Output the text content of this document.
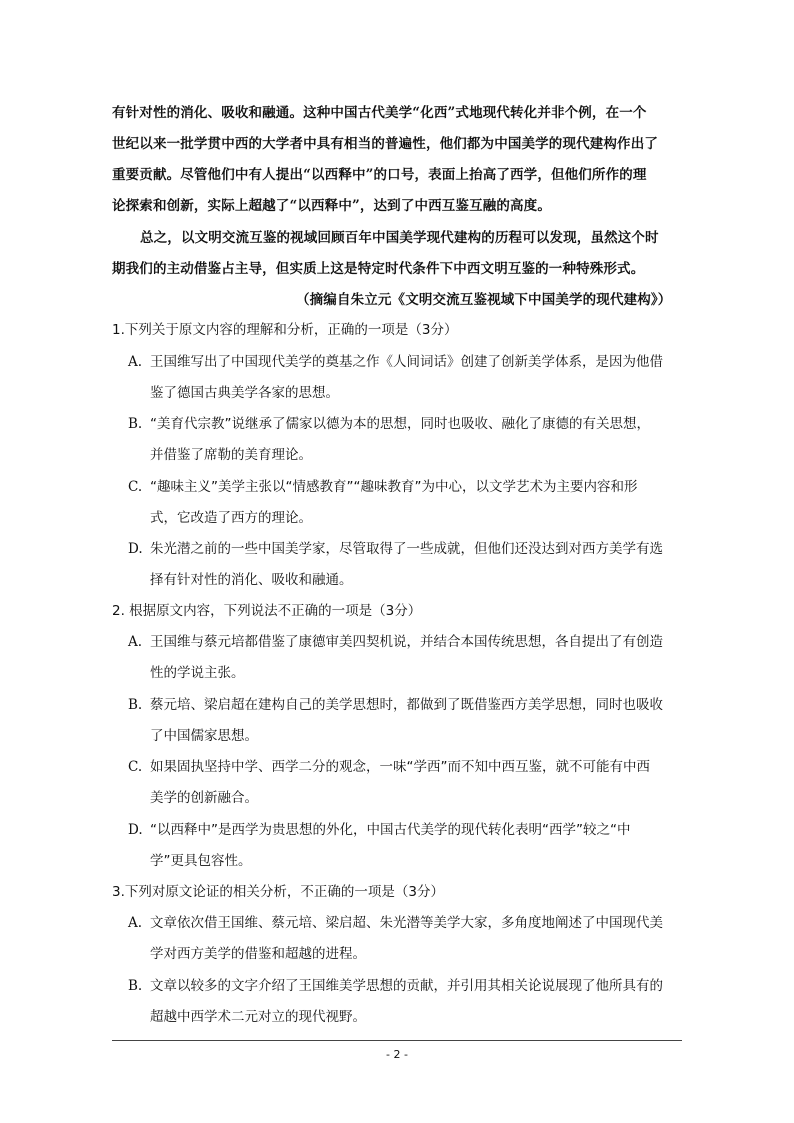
有针对性的消化、吸收和融通。这种中国古代美学“化西”式地现代转化并非个例，在一个
世纪以来一批学贯中西的大学者中具有相当的普遍性，他们都为中国美学的现代建构作出了
重要贡献。尽管他们中有人提出“以西释中”的口号，表面上抬高了西学，但他们所作的理
论探索和创新，实际上超越了“以西释中”，达到了中西互鉴互融的高度。
总之，以文明交流互鉴的视域回顾百年中国美学现代建构的历程可以发现，虽然这个时
期我们的主动借鉴占主导，但实质上这是特定时代条件下中西文明互鉴的一种特殊形式。
（摘编自朱立元《文明交流互鉴视域下中国美学的现代建构》）
1.下列关于原文内容的理解和分析，正确的一项是（3分）
A. 王国维写出了中国现代美学的奠基之作《人间词话》创建了创新美学体系，是因为他借
鉴了德国古典美学各家的思想。
B. “美育代宗教”说继承了儒家以德为本的思想，同时也吸收、融化了康德的有关思想，
并借鉴了席勒的美育理论。
C. “趣味主义”美学主张以“情感教育”“趣味教育”为中心，以文学艺术为主要内容和形
式，它改造了西方的理论。
D. 朱光潜之前的一些中国美学家，尽管取得了一些成就，但他们还没达到对西方美学有选
择有针对性的消化、吸收和融通。
2. 根据原文内容，下列说法不正确的一项是（3分）
A. 王国维与蔡元培都借鉴了康德审美四契机说，并结合本国传统思想，各自提出了有创造
性的学说主张。
B. 蔡元培、梁启超在建构自己的美学思想时，都做到了既借鉴西方美学思想，同时也吸收
了中国儒家思想。
C. 如果固执坚持中学、西学二分的观念，一味“学西”而不知中西互鉴，就不可能有中西
美学的创新融合。
D. “以西释中”是西学为贵思想的外化，中国古代美学的现代转化表明“西学”较之“中
学”更具包容性。
3.下列对原文论证的相关分析，不正确的一项是（3分）
A. 文章依次借王国维、蔡元培、梁启超、朱光潜等美学大家，多角度地阐述了中国现代美
学对西方美学的借鉴和超越的进程。
B. 文章以较多的文字介绍了王国维美学思想的贡献，并引用其相关论说展现了他所具有的
超越中西学术二元对立的现代视野。
- 2 -
